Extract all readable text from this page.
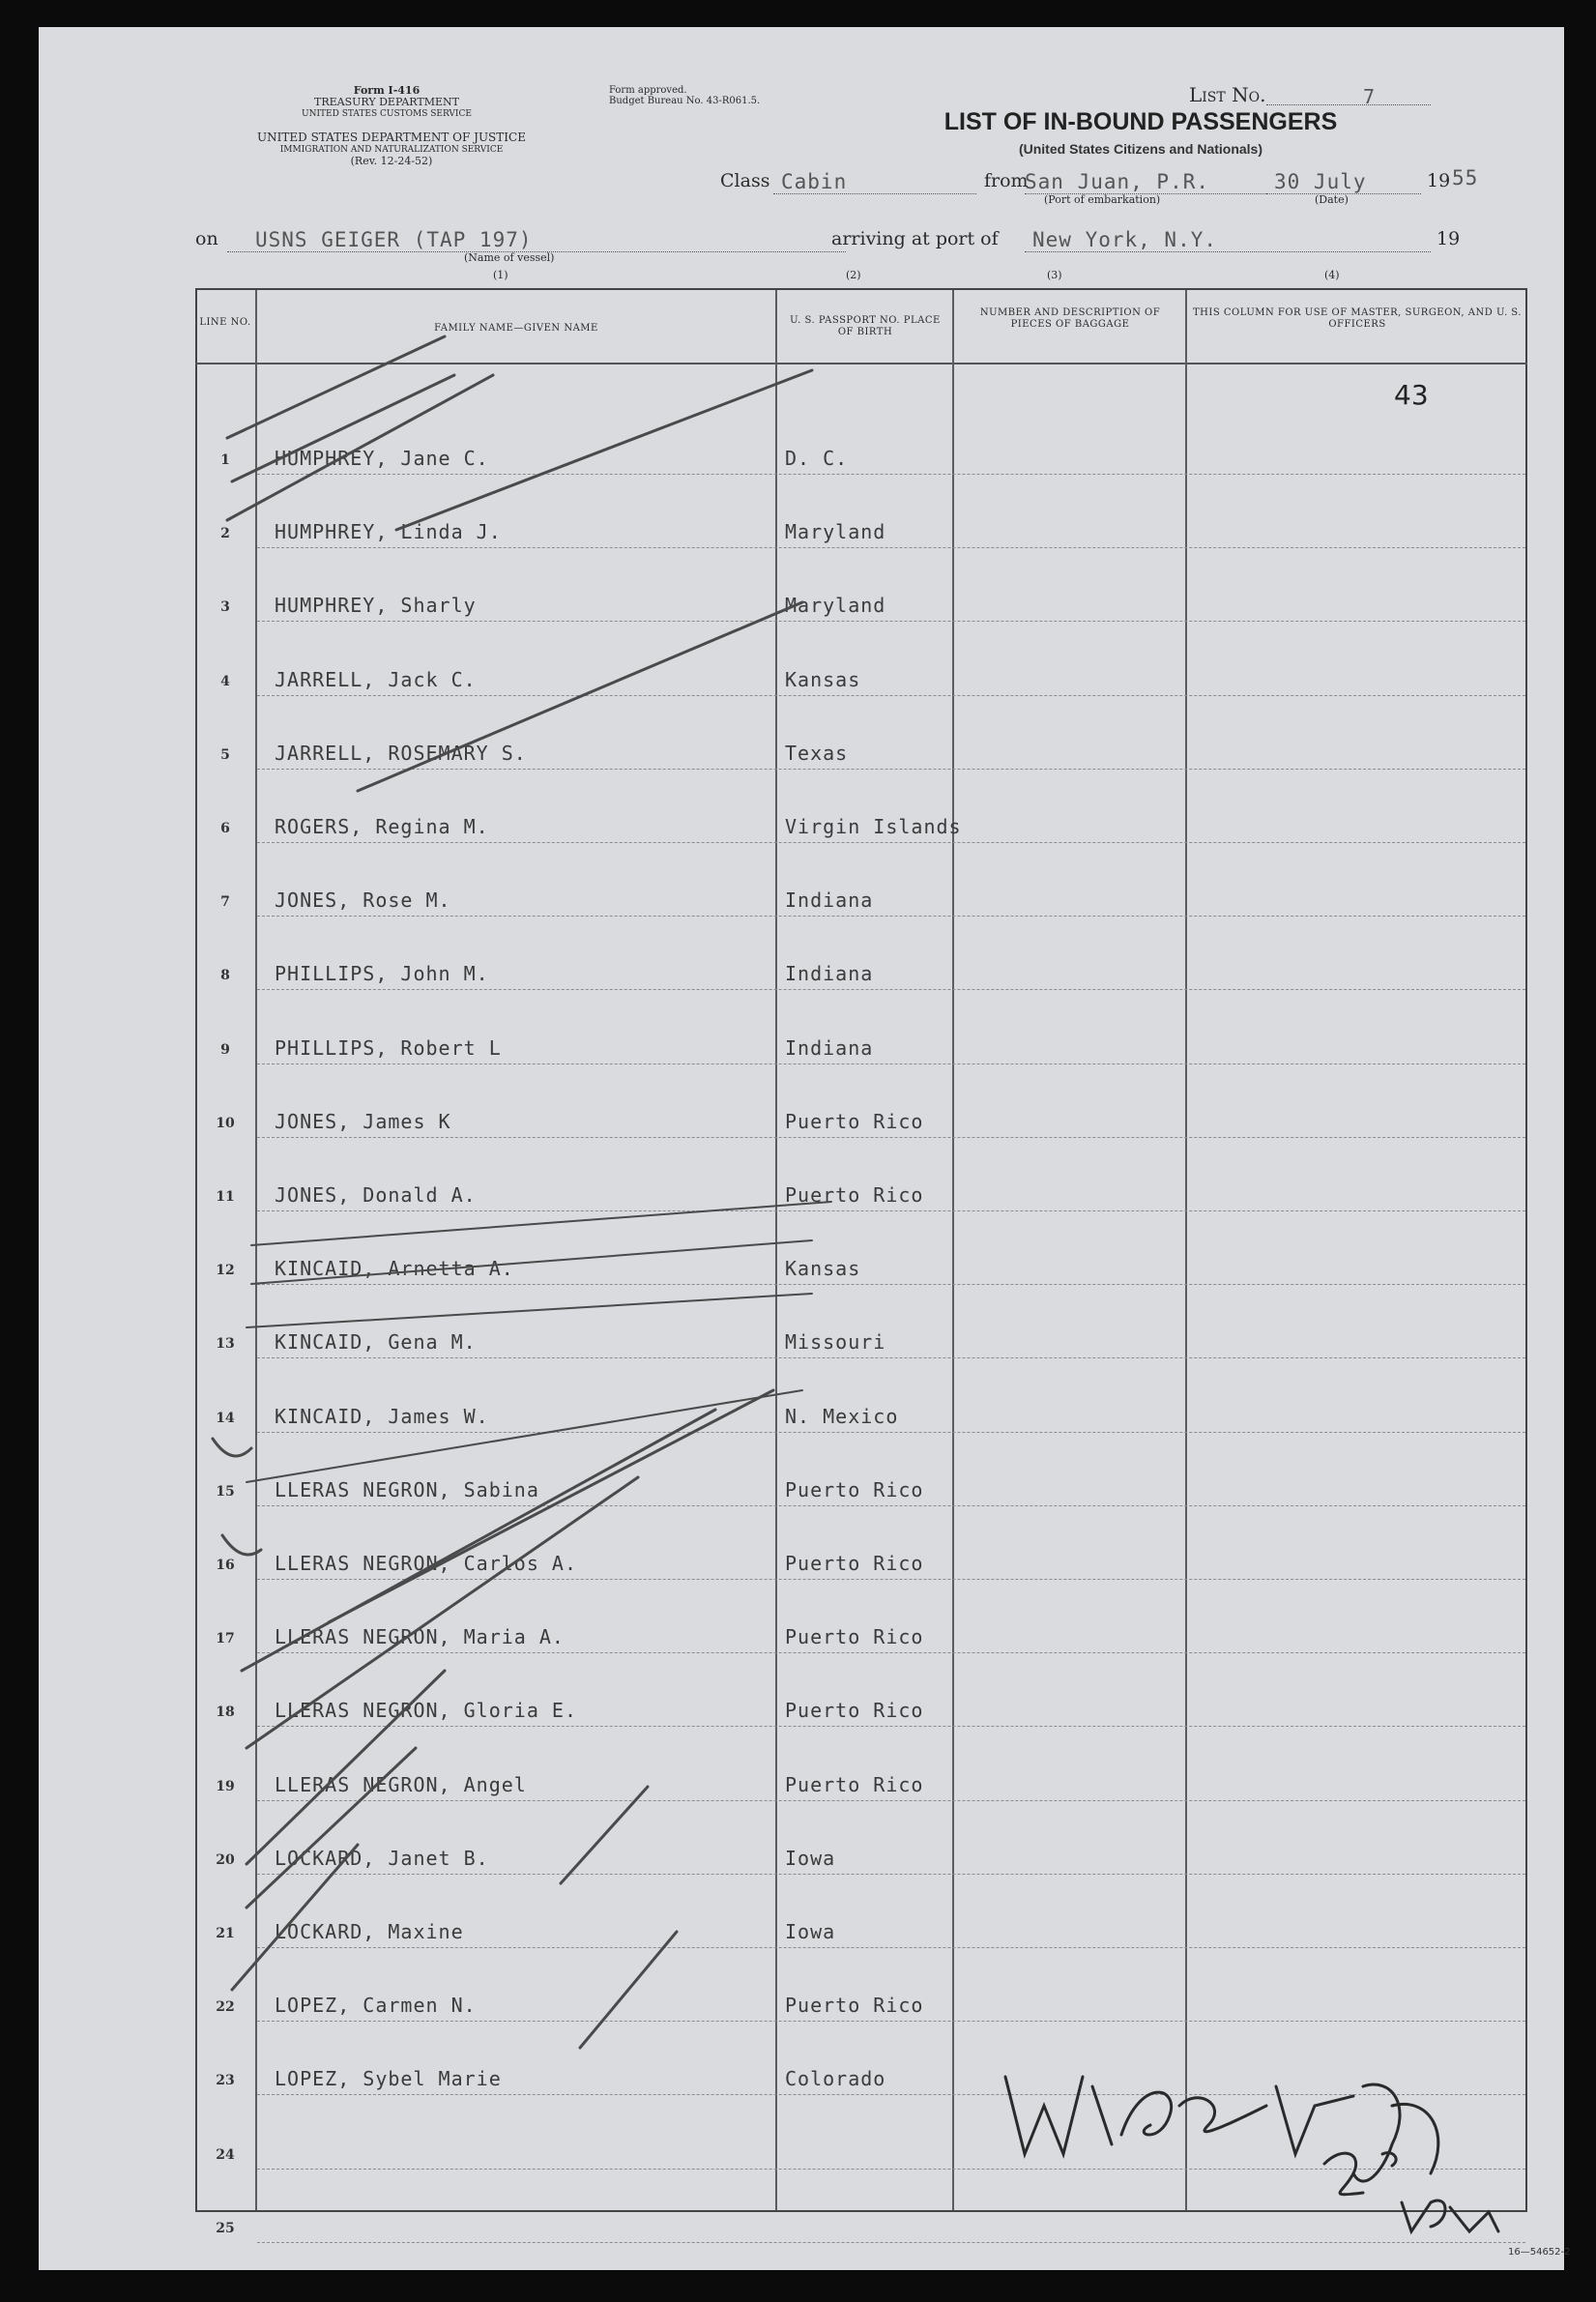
Form I-416
TREASURY DEPARTMENT
UNITED STATES CUSTOMS SERVICE
UNITED STATES DEPARTMENT OF JUSTICE
IMMIGRATION AND NATURALIZATION SERVICE
(Rev. 12-24-52)
Form approved.
Budget Bureau No. 43-R061.5.	List No.	7
LIST OF IN-BOUND PASSENGERS
(United States Citizens and Nationals)
Class Cabin	from
San Juan, P.R.
(Port of embarkation)
30 July
(Date)
19 55
on USNS GEIGER (TAP 197)
(Name of vessel)
arriving at port of New York, N.Y.	19
(1)	(2)	(3)	(4)
LINE NO.
FAMILY NAME—GIVEN NAME
U. S. PASSPORT NO. PLACE OF BIRTH
NUMBER AND DESCRIPTION OF PIECES OF BAGGAGE
THIS COLUMN FOR USE OF MASTER, SURGEON, AND U. S. OFFICERS
43
1	HUMPHREY, Jane C.	D. C.
2	HUMPHREY, Linda J.	Maryland
3	HUMPHREY, Sharly	Maryland
4	JARRELL, Jack C.	Kansas
5	JARRELL, ROSEMARY S.	Texas
6	ROGERS, Regina M.	Virgin Islands
7	JONES, Rose M.	Indiana
8	PHILLIPS, John M.	Indiana
9	PHILLIPS, Robert L	Indiana
10	JONES, James K	Puerto Rico
11	JONES, Donald A.	Puerto Rico
12	KINCAID, Arnetta A.	Kansas
13	KINCAID, Gena M.	Missouri
14	KINCAID, James W.	N. Mexico
15	LLERAS NEGRON, Sabina	Puerto Rico
16	LLERAS NEGRON, Carlos A.	Puerto Rico
17	LLERAS NEGRON, Maria A.	Puerto Rico
18	LLERAS NEGRON, Gloria E.	Puerto Rico
19	LLERAS NEGRON, Angel	Puerto Rico
20	LOCKARD, Janet B.	Iowa
21	LOCKARD, Maxine	Iowa
22	LOPEZ, Carmen N.	Puerto Rico
23	LOPEZ, Sybel Marie	Colorado
24
25
16—54652-2
